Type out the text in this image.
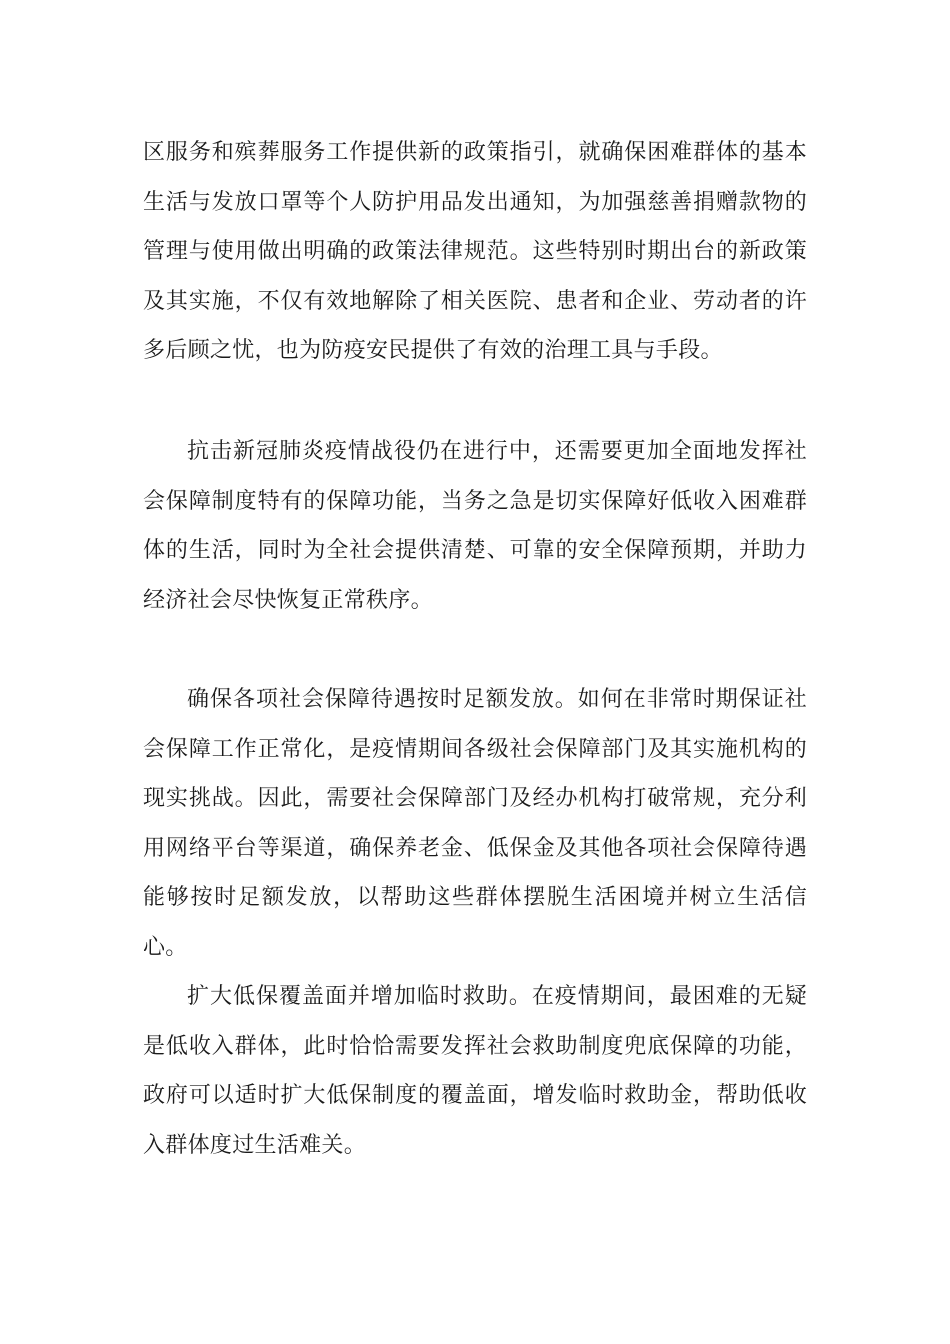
区服务和殡葬服务工作提供新的政策指引，就确保困难群体的基本生活与发放口罩等个人防护用品发出通知，为加强慈善捐赠款物的管理与使用做出明确的政策法律规范。这些特别时期出台的新政策及其实施，不仅有效地解除了相关医院、患者和企业、劳动者的许多后顾之忧，也为防疫安民提供了有效的治理工具与手段。

抗击新冠肺炎疫情战役仍在进行中，还需要更加全面地发挥社会保障制度特有的保障功能，当务之急是切实保障好低收入困难群体的生活，同时为全社会提供清楚、可靠的安全保障预期，并助力经济社会尽快恢复正常秩序。

确保各项社会保障待遇按时足额发放。如何在非常时期保证社会保障工作正常化，是疫情期间各级社会保障部门及其实施机构的现实挑战。因此，需要社会保障部门及经办机构打破常规，充分利用网络平台等渠道，确保养老金、低保金及其他各项社会保障待遇能够按时足额发放，以帮助这些群体摆脱生活困境并树立生活信心。

扩大低保覆盖面并增加临时救助。在疫情期间，最困难的无疑是低收入群体，此时恰恰需要发挥社会救助制度兜底保障的功能，政府可以适时扩大低保制度的覆盖面，增发临时救助金，帮助低收入群体度过生活难关。
